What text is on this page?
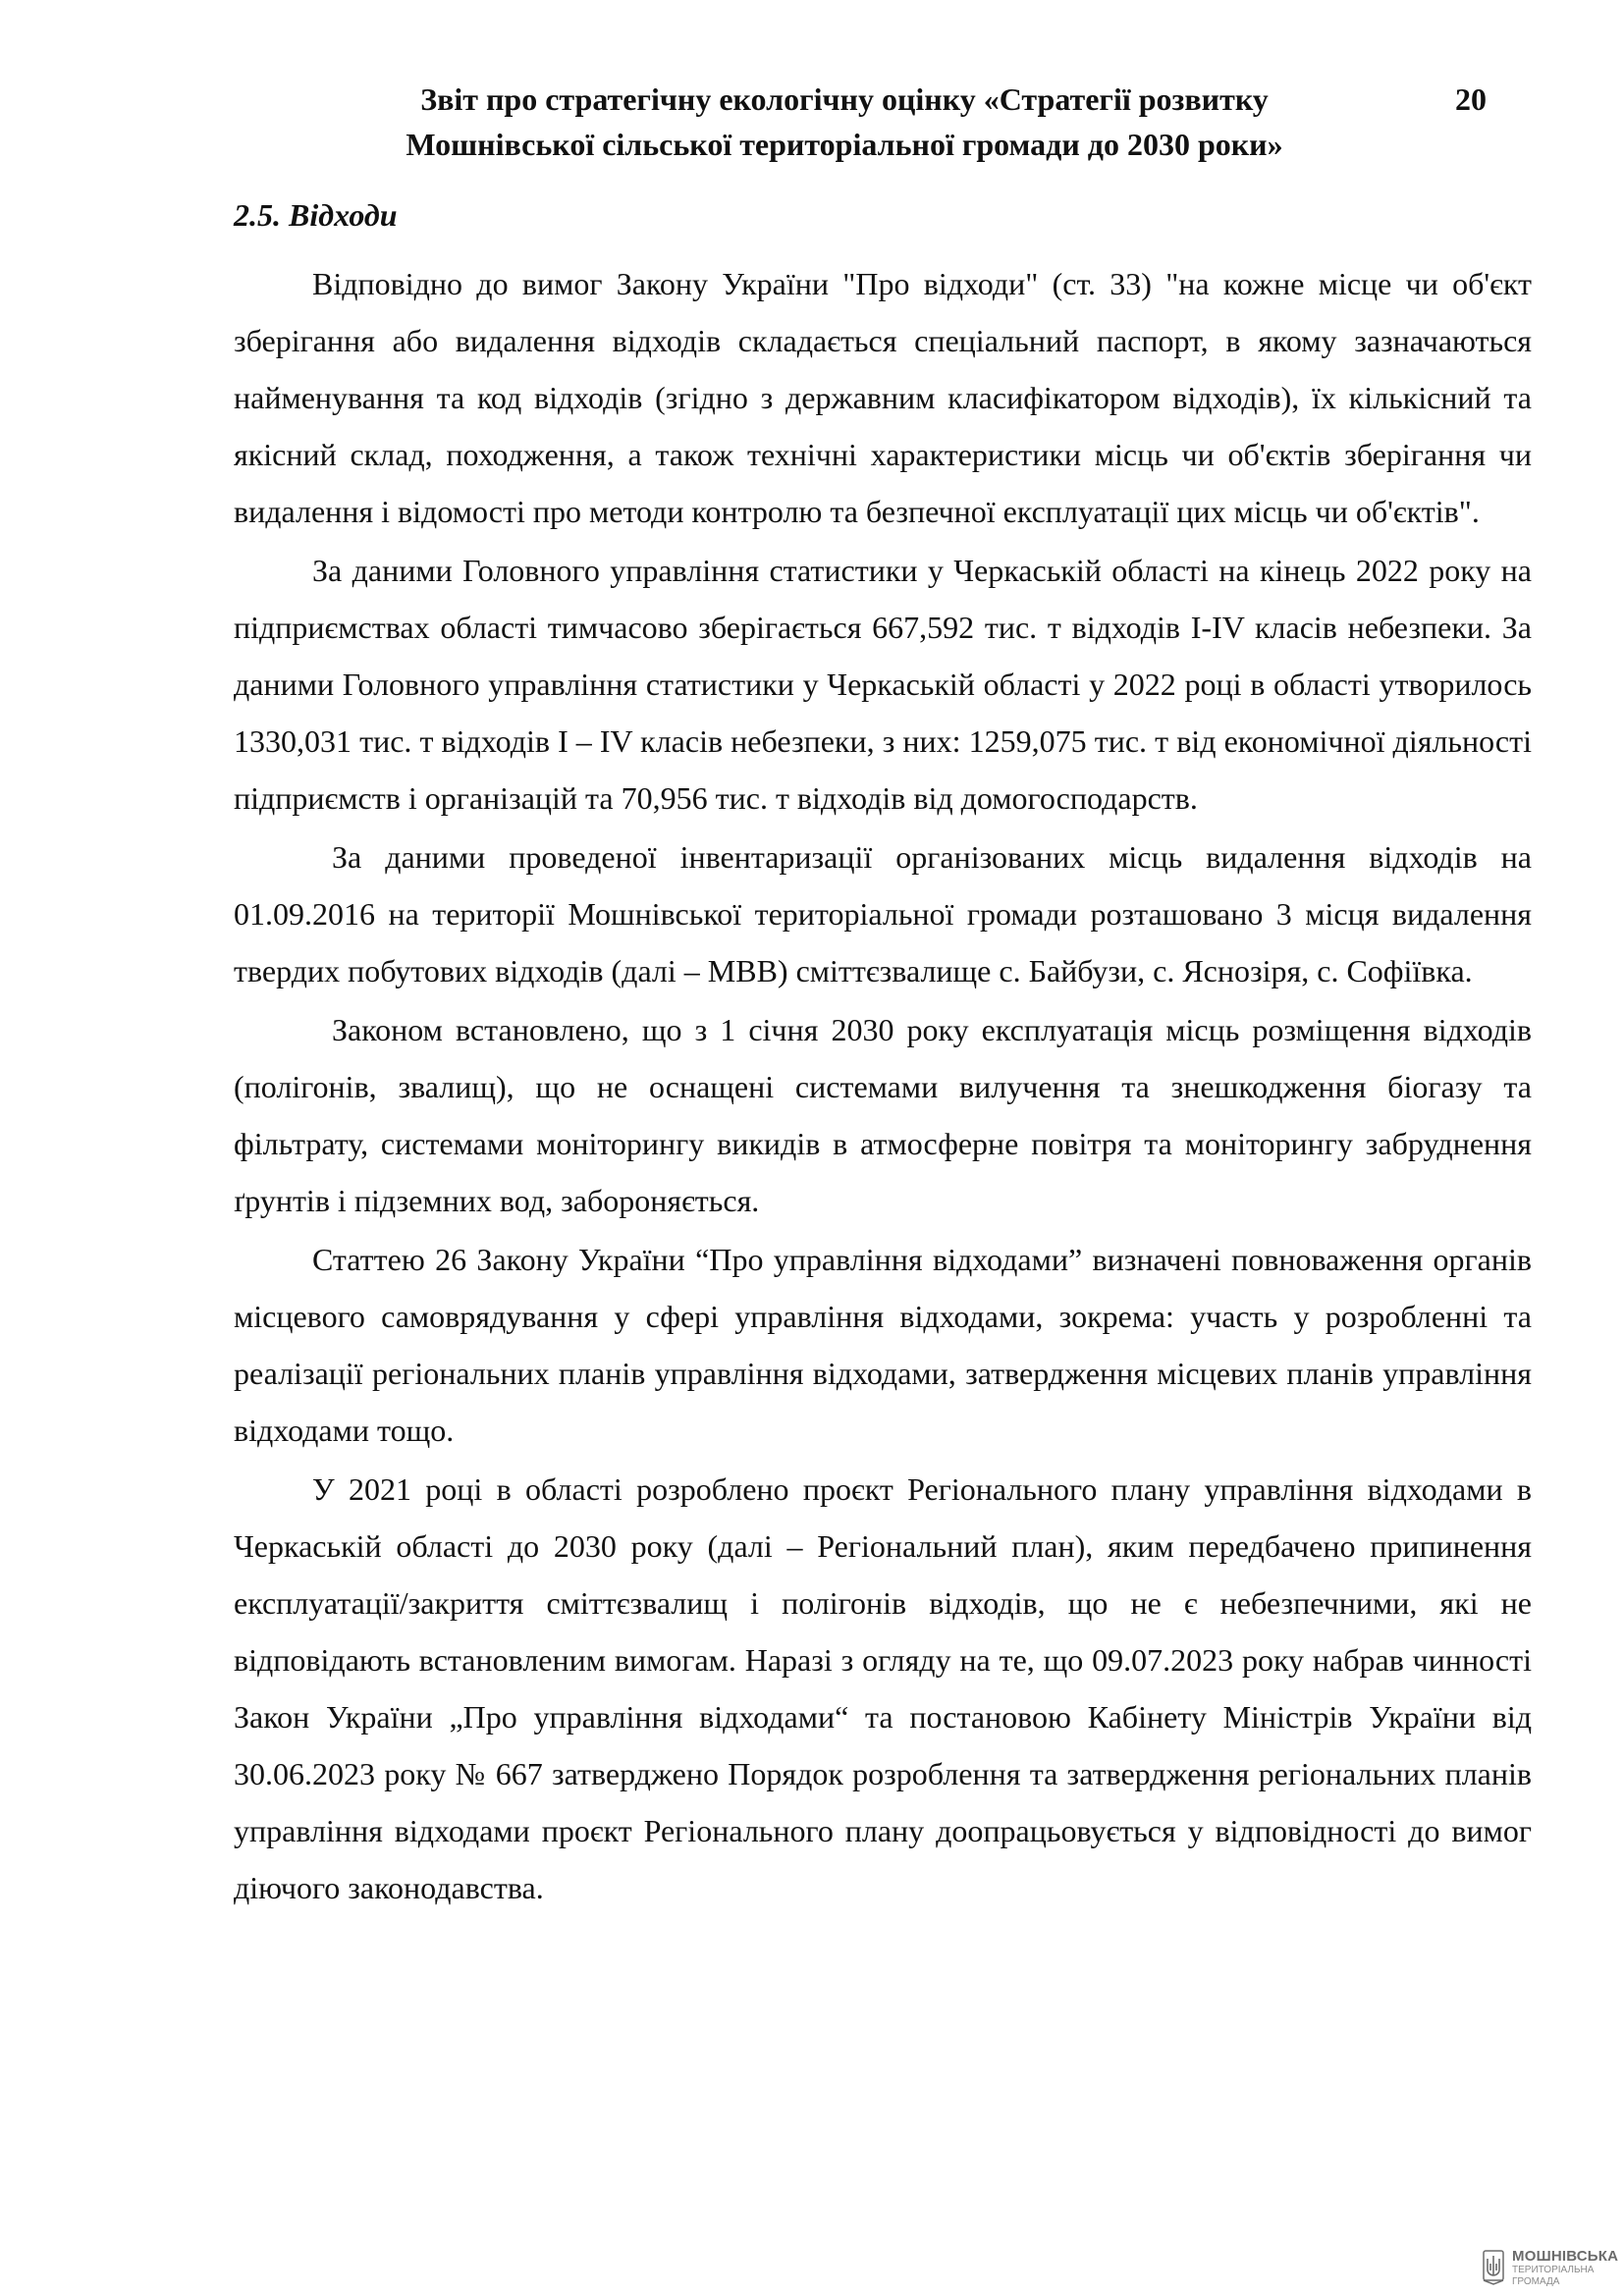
Звіт про стратегічну екологічну оцінку «Стратегії розвитку
Мошнівської сільської територіальної громади до 2030 роки»
20
2.5. Відходи

Відповідно до вимог Закону України "Про відходи" (ст. 33) "на кожне місце чи об'єкт зберігання або видалення відходів складається спеціальний паспорт, в якому зазначаються найменування та код відходів (згідно з державним класифікатором відходів), їх кількісний та якісний склад, походження, а також технічні характеристики місць чи об'єктів зберігання чи видалення і відомості про методи контролю та безпечної експлуатації цих місць чи об'єктів".

За даними Головного управління статистики у Черкаській області на кінець 2022 року на підприємствах області тимчасово зберігається 667,592 тис. т відходів I-IV класів небезпеки. За даними Головного управління статистики у Черкаській області у 2022 році в області утворилось 1330,031 тис. т відходів I – IV класів небезпеки, з них: 1259,075 тис. т від економічної діяльності підприємств і організацій та 70,956 тис. т відходів від домогосподарств.

За даними проведеної інвентаризації організованих місць видалення відходів на 01.09.2016 на території Мошнівської територіальної громади розташовано 3 місця видалення твердих побутових відходів (далі – МВВ) сміттєзвалище с. Байбузи, с. Яснозіря, с. Софіївка.

Законом встановлено, що з 1 січня 2030 року експлуатація місць розміщення відходів (полігонів, звалищ), що не оснащені системами вилучення та знешкодження біогазу та фільтрату, системами моніторингу викидів в атмосферне повітря та моніторингу забруднення ґрунтів і підземних вод, забороняється.

Статтею 26 Закону України “Про управління відходами” визначені повноваження органів місцевого самоврядування у сфері управління відходами, зокрема: участь у розробленні та реалізації регіональних планів управління відходами, затвердження місцевих планів управління відходами тощо.

У 2021 році в області розроблено проєкт Регіонального плану управління відходами в Черкаській області до 2030 року (далі – Регіональний план), яким передбачено припинення експлуатації/закриття сміттєзвалищ і полігонів відходів, що не є небезпечними, які не відповідають встановленим вимогам. Наразі з огляду на те, що 09.07.2023 року набрав чинності Закон України „Про управління відходами“ та постановою Кабінету Міністрів України від 30.06.2023 року № 667 затверджено Порядок розроблення та затвердження регіональних планів управління відходами проєкт Регіонального плану доопрацьовується у відповідності до вимог діючого законодавства.

МОШНІВСЬКА
ТЕРИТОРІАЛЬНА
ГРОМАДА
